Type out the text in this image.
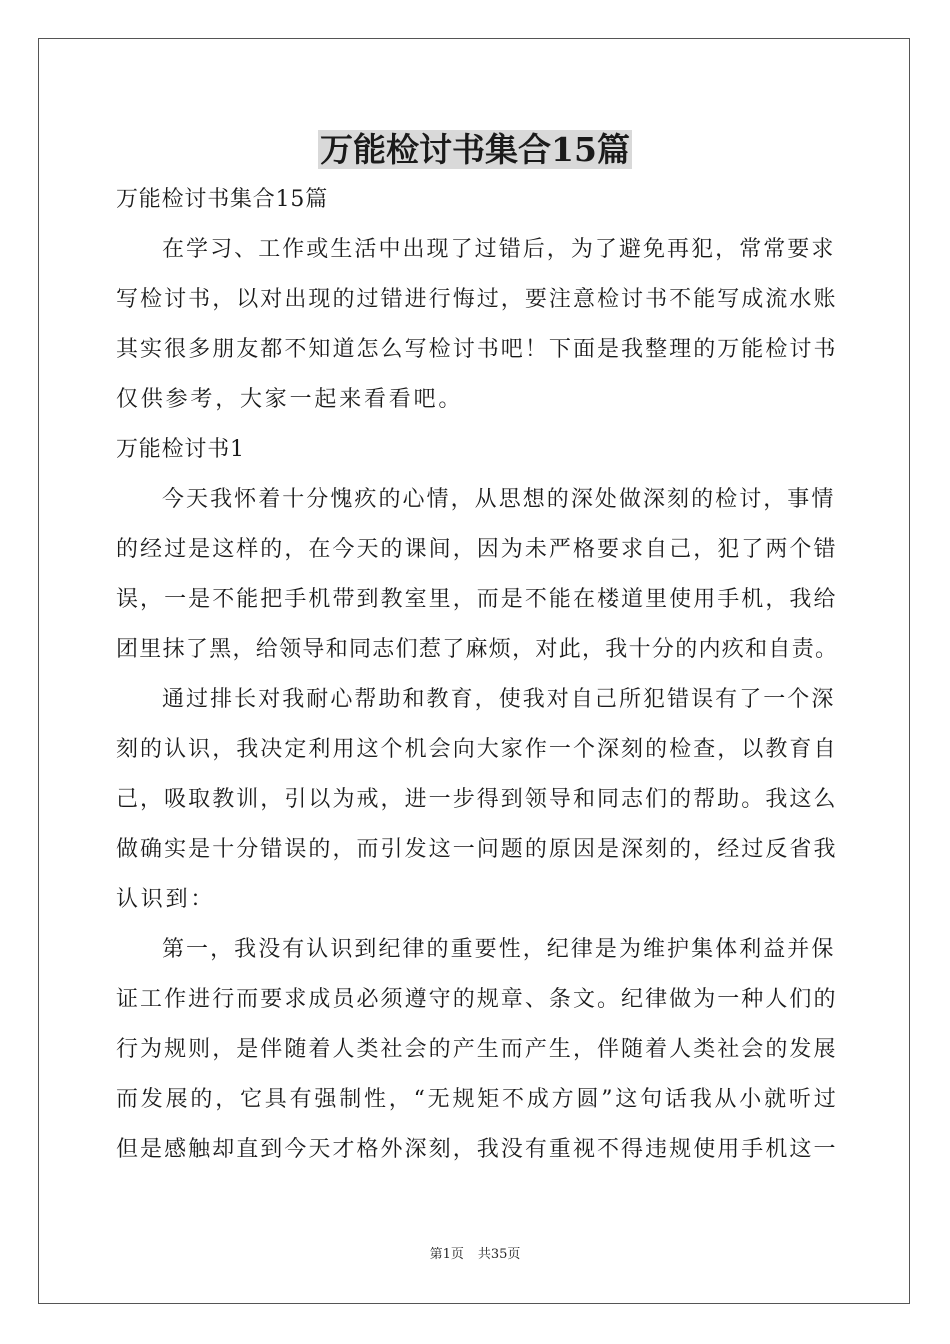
万能检讨书集合15篇
万能检讨书集合15篇
在学习、工作或生活中出现了过错后，为了避免再犯，常常要求
写检讨书，以对出现的过错进行悔过，要注意检讨书不能写成流水账
其实很多朋友都不知道怎么写检讨书吧！下面是我整理的万能检讨书
仅供参考，大家一起来看看吧。
万能检讨书1
今天我怀着十分愧疚的心情，从思想的深处做深刻的检讨，事情
的经过是这样的，在今天的课间，因为未严格要求自己，犯了两个错
误，一是不能把手机带到教室里，而是不能在楼道里使用手机，我给
团里抹了黑，给领导和同志们惹了麻烦，对此，我十分的内疚和自责。
通过排长对我耐心帮助和教育，使我对自己所犯错误有了一个深
刻的认识，我决定利用这个机会向大家作一个深刻的检查，以教育自
己，吸取教训，引以为戒，进一步得到领导和同志们的帮助。我这么
做确实是十分错误的，而引发这一问题的原因是深刻的，经过反省我
认识到：
第一，我没有认识到纪律的重要性，纪律是为维护集体利益并保
证工作进行而要求成员必须遵守的规章、条文。纪律做为一种人们的
行为规则，是伴随着人类社会的产生而产生，伴随着人类社会的发展
而发展的，它具有强制性，“无规矩不成方圆”这句话我从小就听过
但是感触却直到今天才格外深刻，我没有重视不得违规使用手机这一
第1页 共35页
